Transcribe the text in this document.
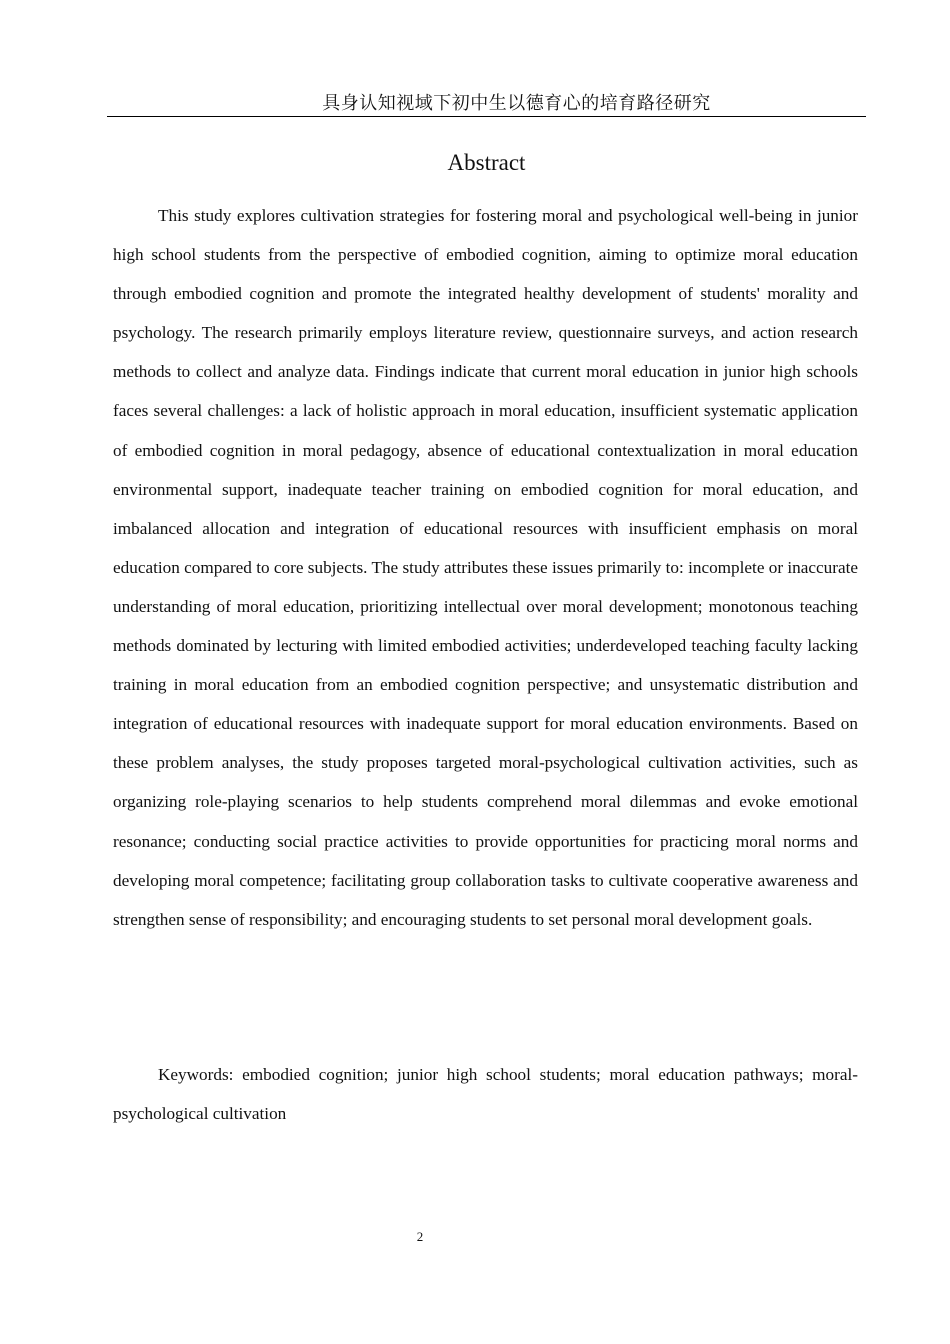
具身认知视域下初中生以德育心的培育路径研究
Abstract

This study explores cultivation strategies for fostering moral and psychological well-being in junior high school students from the perspective of embodied cognition, aiming to optimize moral education through embodied cognition and promote the integrated healthy development of students' morality and psychology. The research primarily employs literature review, questionnaire surveys, and action research methods to collect and analyze data. Findings indicate that current moral education in junior high schools faces several challenges: a lack of holistic approach in moral education, insufficient systematic application of embodied cognition in moral pedagogy, absence of educational contextualization in moral education environmental support, inadequate teacher training on embodied cognition for moral education, and imbalanced allocation and integration of educational resources with insufficient emphasis on moral education compared to core subjects. The study attributes these issues primarily to: incomplete or inaccurate understanding of moral education, prioritizing intellectual over moral development; monotonous teaching methods dominated by lecturing with limited embodied activities; underdeveloped teaching faculty lacking training in moral education from an embodied cognition perspective; and unsystematic distribution and integration of educational resources with inadequate support for moral education environments. Based on these problem analyses, the study proposes targeted moral-psychological cultivation activities, such as organizing role-playing scenarios to help students comprehend moral dilemmas and evoke emotional resonance; conducting social practice activities to provide opportunities for practicing moral norms and developing moral competence; facilitating group collaboration tasks to cultivate cooperative awareness and strengthen sense of responsibility; and encouraging students to set personal moral development goals.

Keywords: embodied cognition; junior high school students; moral education pathways; moral-psychological cultivation

2
